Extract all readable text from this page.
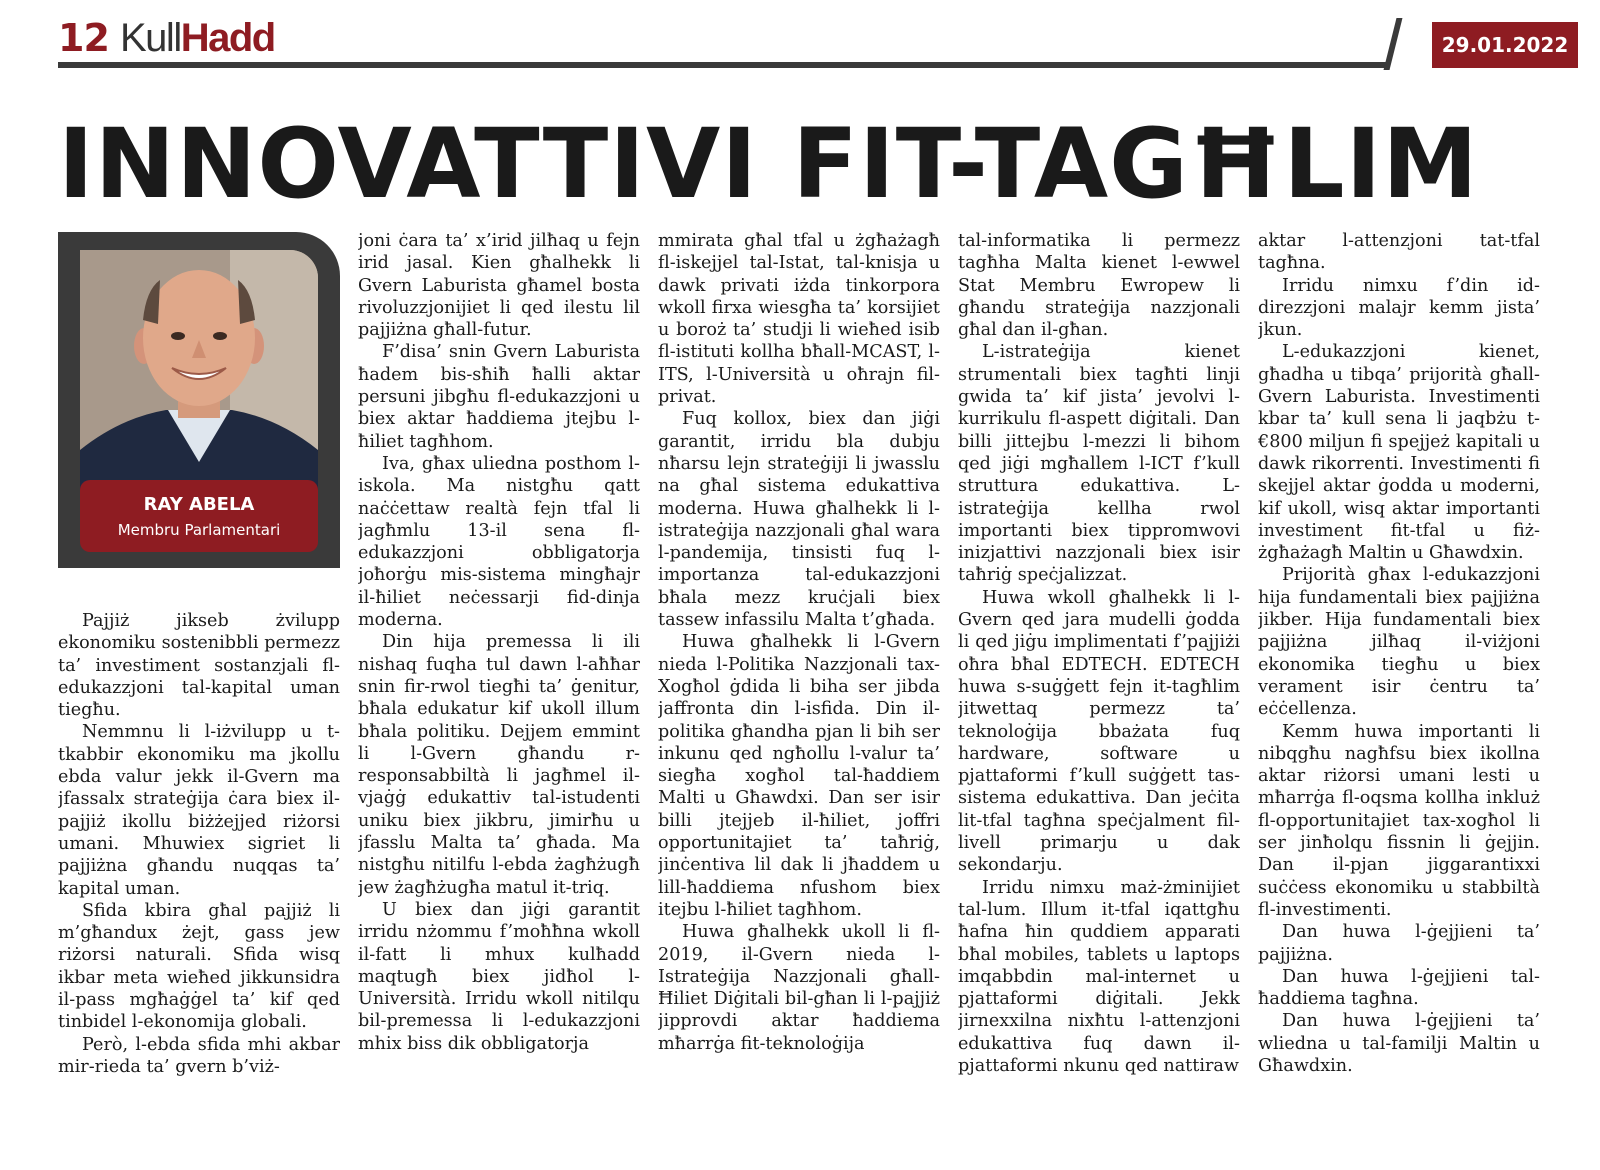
12 KullHadd	29.01.2022
INNOVATTIVI FIT-TAGĦLIM
RAY ABELA
Membru Parlamentari

Pajjiż jikseb żvilupp ekonomiku sostenibbli permezz ta’ investiment sostanzjali fl-edukazzjoni tal-kapital uman tiegħu.

Nemmnu li l-iżvilupp u t-tkabbir ekonomiku ma jkollu ebda valur jekk il-Gvern ma jfassalx strateġija ċara biex il-pajjiż ikollu biżżejjed riżorsi umani. Mhuwiex sigriet li pajjiżna għandu nuqqas ta’ kapital uman.

Sfida kbira għal pajjiż li m’għandux żejt, gass jew riżorsi naturali. Sfida wisq ikbar meta wieħed jikkunsidra il-pass mgħaġġel ta’ kif qed tinbidel l-ekonomija globali.

Però, l-ebda sfida mhi akbar mir-rieda ta’ gvern b’viż-

joni ċara ta’ x’irid jilħaq u fejn irid jasal. Kien għalhekk li Gvern Laburista għamel bosta rivoluzzjonijiet li qed ilestu lil pajjiżna għall-futur.

F’disa’ snin Gvern Laburista ħadem bis-sħiħ ħalli aktar persuni jibgħu fl-edukazzjoni u biex aktar ħaddiema jtejbu l-ħiliet tagħhom.

Iva, għax uliedna posthom l-iskola. Ma nistgħu qatt naċċettaw realtà fejn tfal li jagħmlu 13-il sena fl-edukazzjoni obbligatorja joħorġu mis-sistema mingħajr il-ħiliet neċessarji fid-dinja moderna.

Din hija premessa li ili nishaq fuqha tul dawn l-aħħar snin fir-rwol tiegħi ta’ ġenitur, bħala edukatur kif ukoll illum bħala politiku. Dejjem emmint li l-Gvern għandu r-responsabbiltà li jagħmel il-vjaġġ edukattiv tal-istudenti uniku biex jikbru, jimirħu u jfasslu Malta ta’ għada. Ma nistgħu nitilfu l-ebda żagħżugħ jew żagħżugħa matul it-triq.

U biex dan jiġi garantit irridu nżommu f’moħħna wkoll il-fatt li mhux kulħadd maqtugħ biex jidħol l-Università. Irridu wkoll nitilqu bil-premessa li l-edukazzjoni mhix biss dik obbligatorja

mmirata għal tfal u żgħażagħ fl-iskejjel tal-Istat, tal-knisja u dawk privati iżda tinkorpora wkoll firxa wiesgħa ta’ korsijiet u boroż ta’ studji li wieħed isib fl-istituti kollha bħall-MCAST, l-ITS, l-Università u oħrajn fil-privat.

Fuq kollox, biex dan jiġi garantit, irridu bla dubju nħarsu lejn strateġiji li jwasslu na għal sistema edukattiva moderna. Huwa għalhekk li l-istrateġija nazzjonali għal wara l-pandemija, tinsisti fuq l-importanza tal-edukazzjoni bħala mezz kruċjali biex tassew infassilu Malta t’għada.

Huwa għalhekk li l-Gvern nieda l-Politika Nazzjonali tax-Xogħol ġdida li biha ser jibda jaffronta din l-isfida. Din il-politika għandha pjan li bih ser inkunu qed ngħollu l-valur ta’ siegħa xogħol tal-ħaddiem Malti u Għawdxi. Dan ser isir billi jtejjeb il-ħiliet, joffri opportunitajiet ta’ taħriġ, jinċentiva lil dak li jħaddem u lill-ħaddiema nfushom biex itejbu l-ħiliet tagħhom.

Huwa għalhekk ukoll li fl-2019, il-Gvern nieda l-Istrateġija Nazzjonali għall-Ħiliet Diġitali bil-għan li l-pajjiż jipprovdi aktar ħaddiema mħarrġa fit-teknoloġija

tal-informatika li permezz tagħha Malta kienet l-ewwel Stat Membru Ewropew li għandu strateġija nazzjonali għal dan il-għan.

L-istrateġija kienet strumentali biex tagħti linji gwida ta’ kif jista’ jevolvi l-kurrikulu fl-aspett diġitali. Dan billi jittejbu l-mezzi li bihom qed jiġi mgħallem l-ICT f’kull struttura edukattiva. L-istrateġija kellha rwol importanti biex tippromwovi inizjattivi nazzjonali biex isir taħriġ speċjalizzat.

Huwa wkoll għalhekk li l-Gvern qed jara mudelli ġodda li qed jiġu implimentati f’pajjiżi oħra bħal EDTECH. EDTECH huwa s-suġġett fejn it-tagħlim jitwettaq permezz ta’ teknoloġija bbażata fuq hardware, software u pjattaformi f’kull suġġett tas-sistema edukattiva. Dan jeċita lit-tfal tagħna speċjalment fil-livell primarju u dak sekondarju.

Irridu nimxu maż-żminijiet tal-lum. Illum it-tfal iqattgħu ħafna ħin quddiem apparati bħal mobiles, tablets u laptops imqabbdin mal-internet u pjattaformi diġitali. Jekk jirnexxilna nixħtu l-attenzjoni edukattiva fuq dawn il-pjattaformi nkunu qed nattiraw

aktar l-attenzjoni tat-tfal tagħna.

Irridu nimxu f’din id-direzzjoni malajr kemm jista’ jkun.

L-edukazzjoni kienet, għadha u tibqa’ prijorità għall-Gvern Laburista. Investimenti kbar ta’ kull sena li jaqbżu t-€800 miljun fi spejjeż kapitali u dawk rikorrenti. Investimenti fi skejjel aktar ġodda u moderni, kif ukoll, wisq aktar importanti investiment fit-tfal u fiż-żgħażagħ Maltin u Għawdxin.

Prijorità għax l-edukazzjoni hija fundamentali biex pajjiżna jikber. Hija fundamentali biex pajjiżna jilħaq il-viżjoni ekonomika tiegħu u biex verament isir ċentru ta’ eċċellenza.

Kemm huwa importanti li nibqgħu nagħfsu biex ikollna aktar riżorsi umani lesti u mħarrġa fl-oqsma kollha inkluż fl-opportunitajiet tax-xogħol li ser jinħolqu fissnin li ġejjin. Dan il-pjan jiggarantixxi suċċess ekonomiku u stabbiltà fl-investimenti.

Dan huwa l-ġejjieni ta’ pajjiżna.

Dan huwa l-ġejjieni tal-ħaddiema tagħna.

Dan huwa l-ġejjieni ta’ wliedna u tal-familji Maltin u Għawdxin.
